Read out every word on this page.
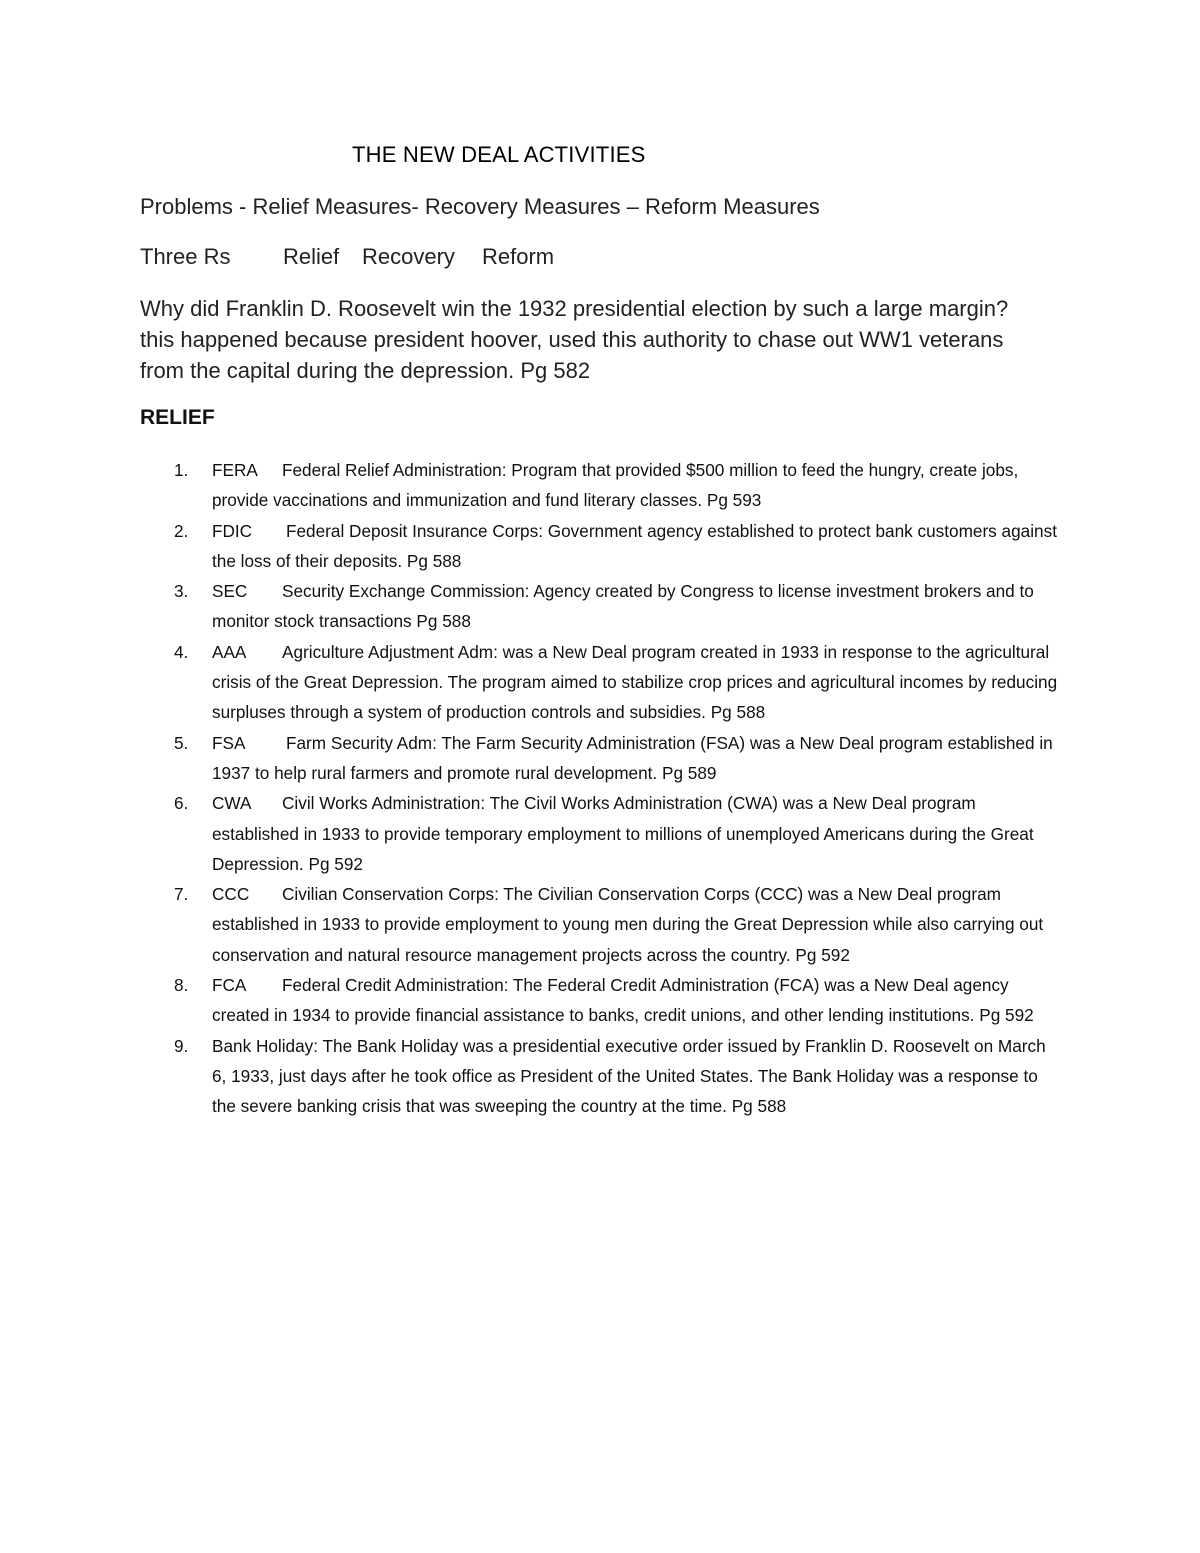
THE NEW DEAL ACTIVITIES
Problems - Relief Measures- Recovery Measures – Reform Measures
Three Rs Relief Recovery Reform
Why did Franklin D. Roosevelt win the 1932 presidential election by such a large margin? this happened because president hoover, used this authority to chase out WW1 veterans from the capital during the depression. Pg 582
RELIEF
1. FERA Federal Relief Administration: Program that provided $500 million to feed the hungry, create jobs, provide vaccinations and immunization and fund literary classes. Pg 593
2. FDIC Federal Deposit Insurance Corps: Government agency established to protect bank customers against the loss of their deposits. Pg 588
3. SEC Security Exchange Commission: Agency created by Congress to license investment brokers and to monitor stock transactions Pg 588
4. AAA Agriculture Adjustment Adm: was a New Deal program created in 1933 in response to the agricultural crisis of the Great Depression. The program aimed to stabilize crop prices and agricultural incomes by reducing surpluses through a system of production controls and subsidies. Pg 588
5. FSA Farm Security Adm: The Farm Security Administration (FSA) was a New Deal program established in 1937 to help rural farmers and promote rural development. Pg 589
6. CWA Civil Works Administration: The Civil Works Administration (CWA) was a New Deal program established in 1933 to provide temporary employment to millions of unemployed Americans during the Great Depression. Pg 592
7. CCC Civilian Conservation Corps: The Civilian Conservation Corps (CCC) was a New Deal program established in 1933 to provide employment to young men during the Great Depression while also carrying out conservation and natural resource management projects across the country. Pg 592
8. FCA Federal Credit Administration: The Federal Credit Administration (FCA) was a New Deal agency created in 1934 to provide financial assistance to banks, credit unions, and other lending institutions. Pg 592
9. Bank Holiday: The Bank Holiday was a presidential executive order issued by Franklin D. Roosevelt on March 6, 1933, just days after he took office as President of the United States. The Bank Holiday was a response to the severe banking crisis that was sweeping the country at the time. Pg 588
